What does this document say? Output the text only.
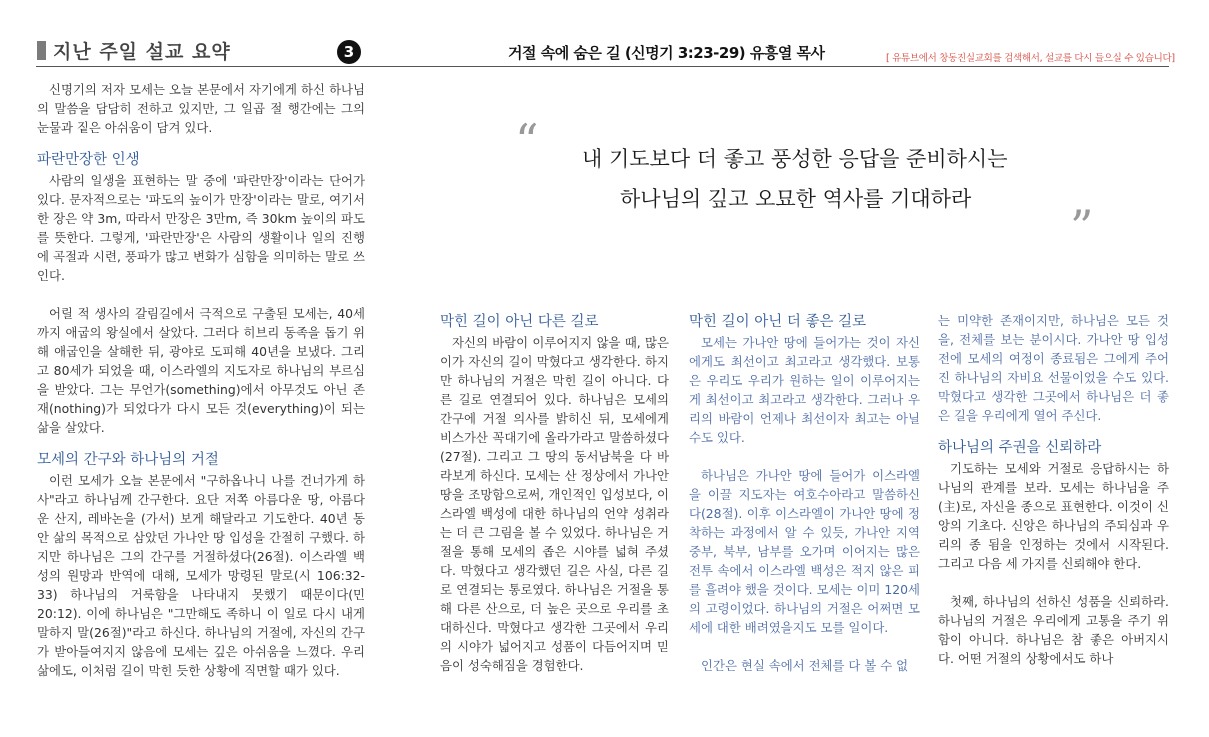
지난 주일 설교 요약	3	거절 속에 숨은 길 (신명기 3:23-29) 유흥열 목사	[ 유튜브에서 창동진실교회를 검색해서, 설교를 다시 들으실 수 있습니다]
“ 내 기도보다 더 좋고 풍성한 응답을 준비하시는
하나님의 깊고 오묘한 역사를 기대하라
”

신명기의 저자 모세는 오늘 본문에서 자기에게 하신 하나님의 말씀을 담담히 전하고 있지만, 그 일곱 절 행간에는 그의 눈물과 짙은 아쉬움이 담겨 있다.

파란만장한 인생

사람의 일생을 표현하는 말 중에 '파란만장'이라는 단어가 있다. 문자적으로는 '파도의 높이가 만장'이라는 말로, 여기서 한 장은 약 3m, 따라서 만장은 3만m, 즉 30km 높이의 파도를 뜻한다. 그렇게, '파란만장'은 사람의 생활이나 일의 진행에 곡절과 시련, 풍파가 많고 변화가 심함을 의미하는 말로 쓰인다.

어릴 적 생사의 갈림길에서 극적으로 구출된 모세는, 40세까지 애굽의 왕실에서 살았다. 그러다 히브리 동족을 돕기 위해 애굽인을 살해한 뒤, 광야로 도피해 40년을 보냈다. 그리고 80세가 되었을 때, 이스라엘의 지도자로 하나님의 부르심을 받았다. 그는 무언가(something)에서 아무것도 아닌 존재(nothing)가 되었다가 다시 모든 것(everything)이 되는 삶을 살았다.

모세의 간구와 하나님의 거절

이런 모세가 오늘 본문에서 "구하옵나니 나를 건너가게 하사"라고 하나님께 간구한다. 요단 저쪽 아름다운 땅, 아름다운 산지, 레바논을 (가서) 보게 해달라고 기도한다. 40년 동안 삶의 목적으로 삼았던 가나안 땅 입성을 간절히 구했다. 하지만 하나님은 그의 간구를 거절하셨다(26절). 이스라엘 백성의 원망과 반역에 대해, 모세가 망령된 말로(시 106:32-33) 하나님의 거룩함을 나타내지 못했기 때문이다(민 20:12). 이에 하나님은 "그만해도 족하니 이 일로 다시 내게 말하지 말(26절)"라고 하신다. 하나님의 거절에, 자신의 간구가 받아들여지지 않음에 모세는 깊은 아쉬움을 느꼈다. 우리 삶에도, 이처럼 길이 막힌 듯한 상황에 직면할 때가 있다.

막힌 길이 아닌 다른 길로

자신의 바람이 이루어지지 않을 때, 많은 이가 자신의 길이 막혔다고 생각한다. 하지만 하나님의 거절은 막힌 길이 아니다. 다른 길로 연결되어 있다. 하나님은 모세의 간구에 거절 의사를 밝히신 뒤, 모세에게 비스가산 꼭대기에 올라가라고 말씀하셨다(27절). 그리고 그 땅의 동서남북을 다 바라보게 하신다. 모세는 산 정상에서 가나안 땅을 조망함으로써, 개인적인 입성보다, 이스라엘 백성에 대한 하나님의 언약 성취라는 더 큰 그림을 볼 수 있었다. 하나님은 거절을 통해 모세의 좁은 시야를 넓혀 주셨다. 막혔다고 생각했던 길은 사실, 다른 길로 연결되는 통로였다. 하나님은 거절을 통해 다른 산으로, 더 높은 곳으로 우리를 초대하신다. 막혔다고 생각한 그곳에서 우리의 시야가 넓어지고 성품이 다듬어지며 믿음이 성숙해짐을 경험한다.

막힌 길이 아닌 더 좋은 길로

모세는 가나안 땅에 들어가는 것이 자신에게도 최선이고 최고라고 생각했다. 보통은 우리도 우리가 원하는 일이 이루어지는 게 최선이고 최고라고 생각한다. 그러나 우리의 바람이 언제나 최선이자 최고는 아닐 수도 있다.

하나님은 가나안 땅에 들어가 이스라엘을 이끌 지도자는 여호수아라고 말씀하신다(28절). 이후 이스라엘이 가나안 땅에 정착하는 과정에서 알 수 있듯, 가나안 지역 중부, 북부, 남부를 오가며 이어지는 많은 전투 속에서 이스라엘 백성은 적지 않은 피를 흘려야 했을 것이다. 모세는 이미 120세의 고령이었다. 하나님의 거절은 어쩌면 모세에 대한 배려였을지도 모를 일이다.

인간은 현실 속에서 전체를 다 볼 수 없

는 미약한 존재이지만, 하나님은 모든 것을, 전체를 보는 분이시다. 가나안 땅 입성 전에 모세의 여정이 종료됨은 그에게 주어진 하나님의 자비요 선물이었을 수도 있다. 막혔다고 생각한 그곳에서 하나님은 더 좋은 길을 우리에게 열어 주신다.

하나님의 주권을 신뢰하라

기도하는 모세와 거절로 응답하시는 하나님의 관계를 보라. 모세는 하나님을 주(主)로, 자신을 종으로 표현한다. 이것이 신앙의 기초다. 신앙은 하나님의 주되심과 우리의 종 됨을 인정하는 것에서 시작된다. 그리고 다음 세 가지를 신뢰해야 한다.

첫째, 하나님의 선하신 성품을 신뢰하라. 하나님의 거절은 우리에게 고통을 주기 위함이 아니다. 하나님은 참 좋은 아버지시다. 어떤 거절의 상황에서도 하나
